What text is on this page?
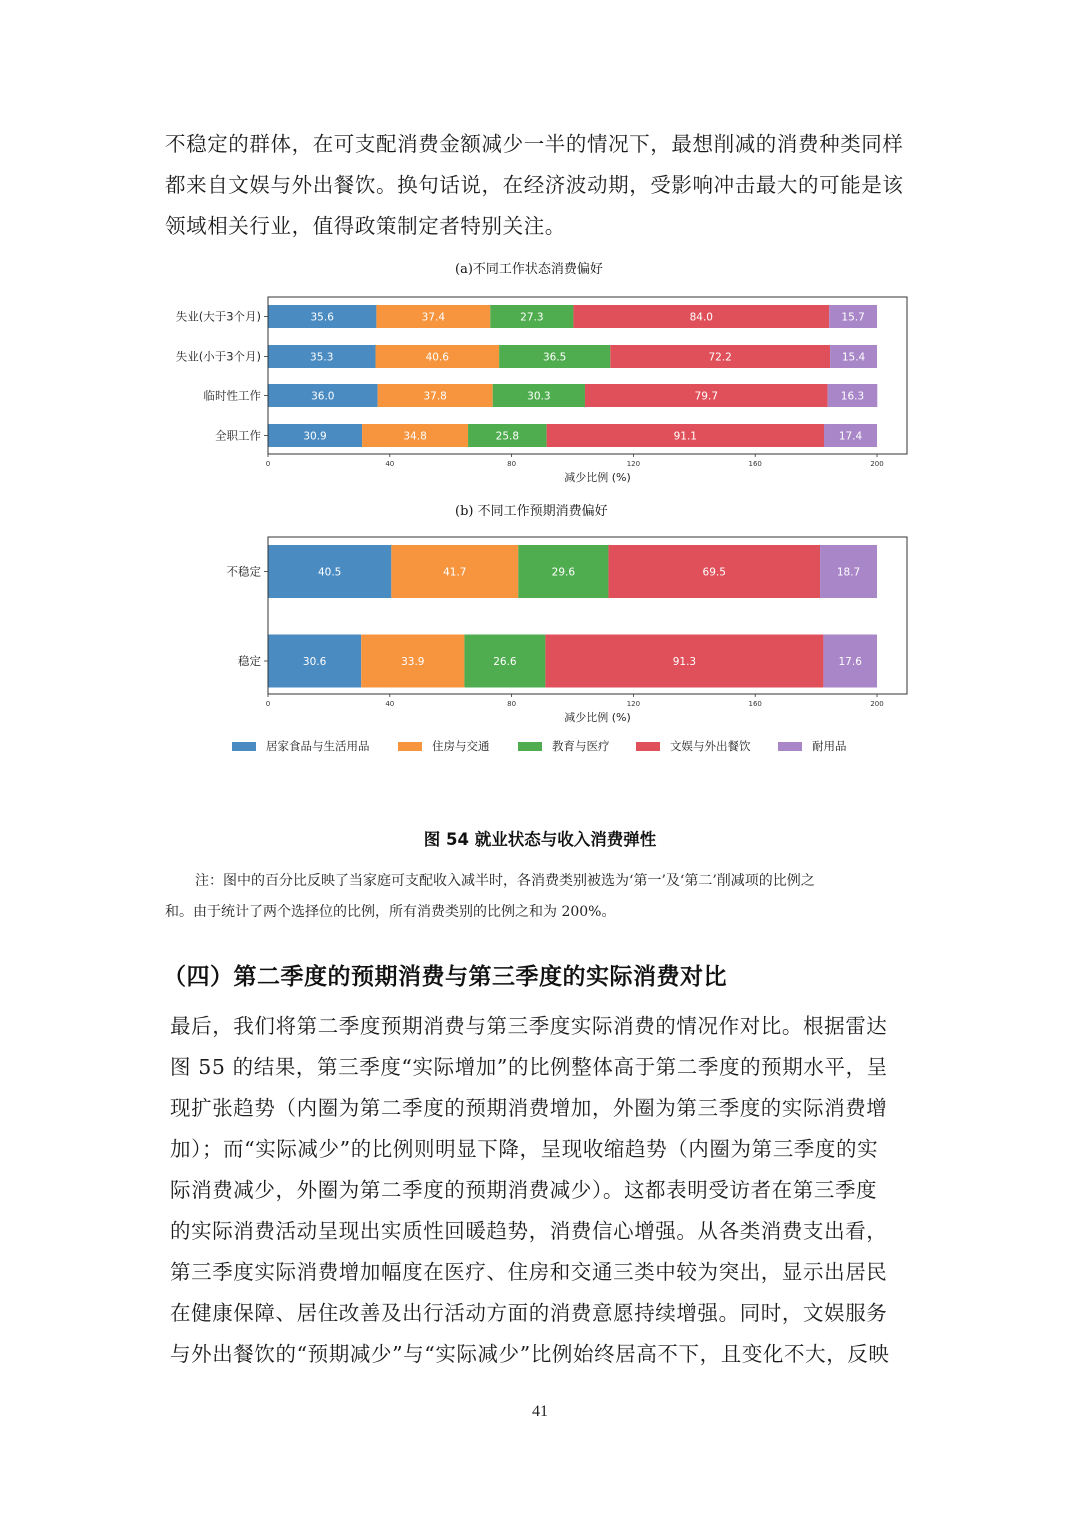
不稳定的群体，在可支配消费金额减少一半的情况下，最想削减的消费种类同样
都来自文娱与外出餐饮。换句话说，在经济波动期，受影响冲击最大的可能是该
领域相关行业，值得政策制定者特别关注。
(a)不同工作状态消费偏好
35.6	37.4	27.3	84.0	15.7
失业(大于3个月)
35.3	40.6	36.5	72.2	15.4
失业(小于3个月)
36.0	37.8	30.3	79.7	16.3
临时性工作
30.9	34.8	25.8	91.1	17.4
全职工作
0	40	80	120	160	200
减少比例 (%)
(b) 不同工作预期消费偏好
40.5	41.7	29.6	69.5	18.7
不稳定
30.6	33.9	26.6	91.3	17.6
稳定
0	40	80	120	160	200
减少比例 (%)
居家食品与生活用品	住房与交通	教育与医疗	文娱与外出餐饮	耐用品
图 54 就业状态与收入消费弹性
注：图中的百分比反映了当家庭可支配收入减半时，各消费类别被选为‘第一’及‘第二’削减项的比例之
和。由于统计了两个选择位的比例，所有消费类别的比例之和为 200%。
（四）第二季度的预期消费与第三季度的实际消费对比
最后，我们将第二季度预期消费与第三季度实际消费的情况作对比。根据雷达
图 55 的结果，第三季度“实际增加”的比例整体高于第二季度的预期水平，呈
现扩张趋势（内圈为第二季度的预期消费增加，外圈为第三季度的实际消费增
加）；而“实际减少”的比例则明显下降，呈现收缩趋势（内圈为第三季度的实
际消费减少，外圈为第二季度的预期消费减少）。这都表明受访者在第三季度
的实际消费活动呈现出实质性回暖趋势，消费信心增强。从各类消费支出看，
第三季度实际消费增加幅度在医疗、住房和交通三类中较为突出，显示出居民
在健康保障、居住改善及出行活动方面的消费意愿持续增强。同时，文娱服务
与外出餐饮的“预期减少”与“实际减少”比例始终居高不下，且变化不大，反映
41
